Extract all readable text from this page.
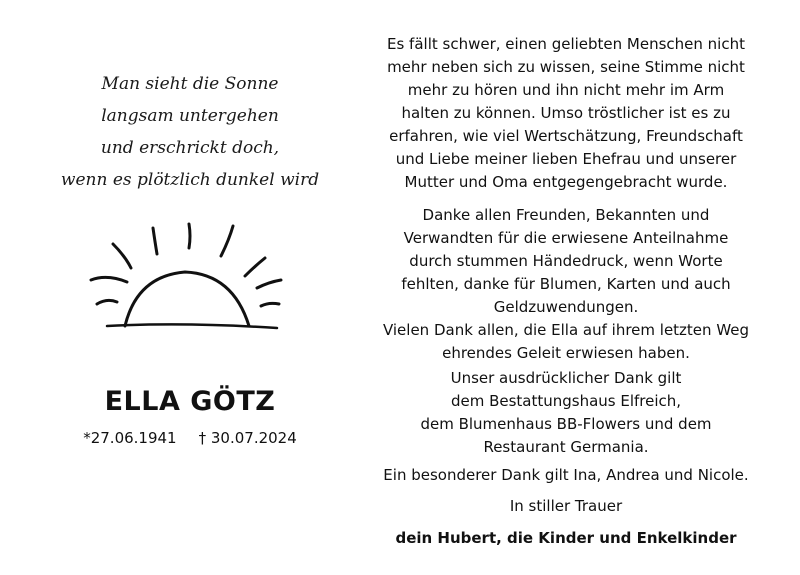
Man sieht die Sonne
langsam untergehen
und erschrickt doch,
wenn es plötzlich dunkel wird
ELLA GÖTZ
*27.06.1941 † 30.07.2024
Es fällt schwer, einen geliebten Menschen nicht
mehr neben sich zu wissen, seine Stimme nicht
mehr zu hören und ihn nicht mehr im Arm
halten zu können. Umso tröstlicher ist es zu
erfahren, wie viel Wertschätzung, Freundschaft
und Liebe meiner lieben Ehefrau und unserer
Mutter und Oma entgegengebracht wurde.
Danke allen Freunden, Bekannten und
Verwandten für die erwiesene Anteilnahme
durch stummen Händedruck, wenn Worte
fehlten, danke für Blumen, Karten und auch
Geldzuwendungen.
Vielen Dank allen, die Ella auf ihrem letzten Weg
ehrendes Geleit erwiesen haben.
Unser ausdrücklicher Dank gilt
dem Bestattungshaus Elfreich,
dem Blumenhaus BB-Flowers und dem
Restaurant Germania.
Ein besonderer Dank gilt Ina, Andrea und Nicole.
In stiller Trauer
dein Hubert, die Kinder und Enkelkinder
